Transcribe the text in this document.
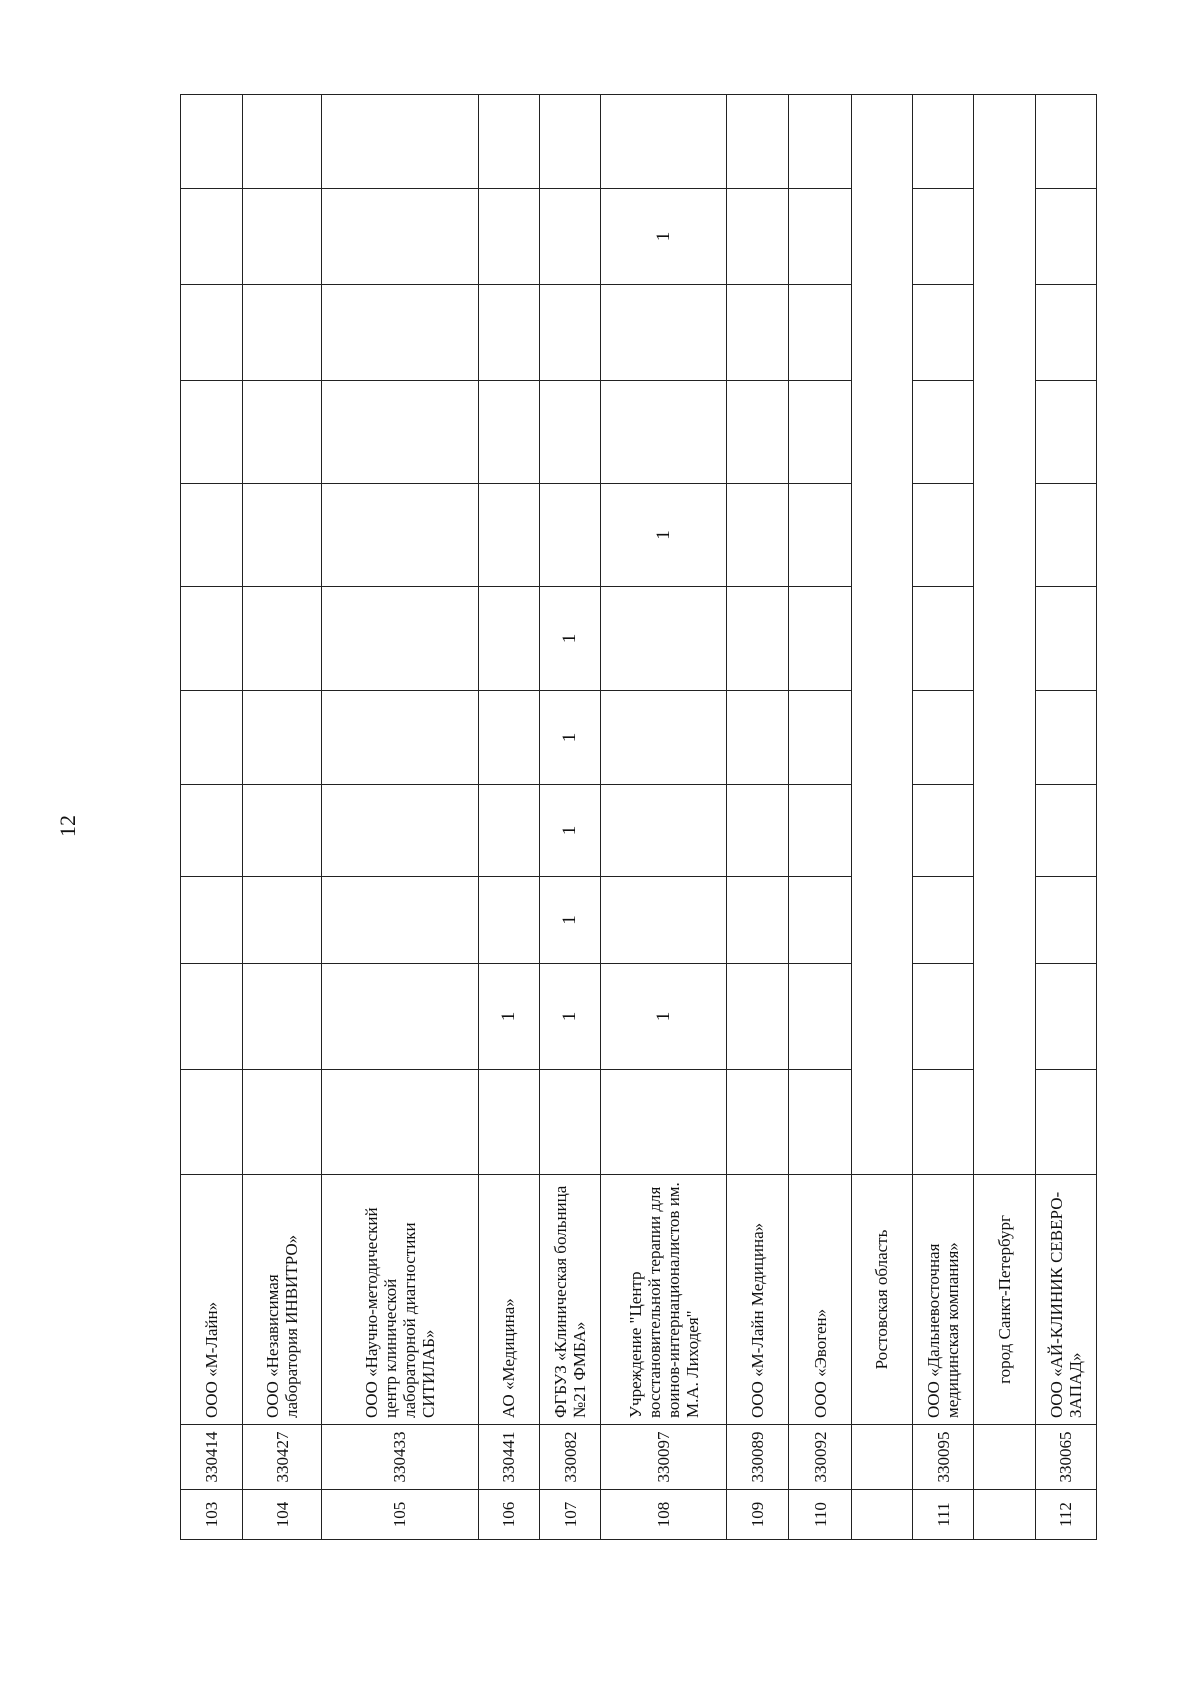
12
103	330414	ООО «М-Лайн»											
104	330427	ООО «Независимая лаборатория ИНВИТРО»											
105	330433	ООО «Научно-методический центр клинической лабораторной диагностики СИТИЛАБ»											
106	330441	АО «Медицина»		1									
107	330082	ФГБУЗ «Клиническая больница №21 ФМБА»		1	1	1	1	1					
108	330097	Учреждение "Центр восстановительной терапии для воинов-интернационалистов им. М.А. Лиходея"		1					1			1	
109	330089	ООО «М-Лайн Медицина»											
110	330092	ООО «Эвоген»											
		Ростовская область											
111	330095	ООО «Дальневосточная медицинская компания»											
		город Санкт-Петербург											
112	330065	ООО «АЙ-КЛИНИК СЕВЕРО-ЗАПАД»											
